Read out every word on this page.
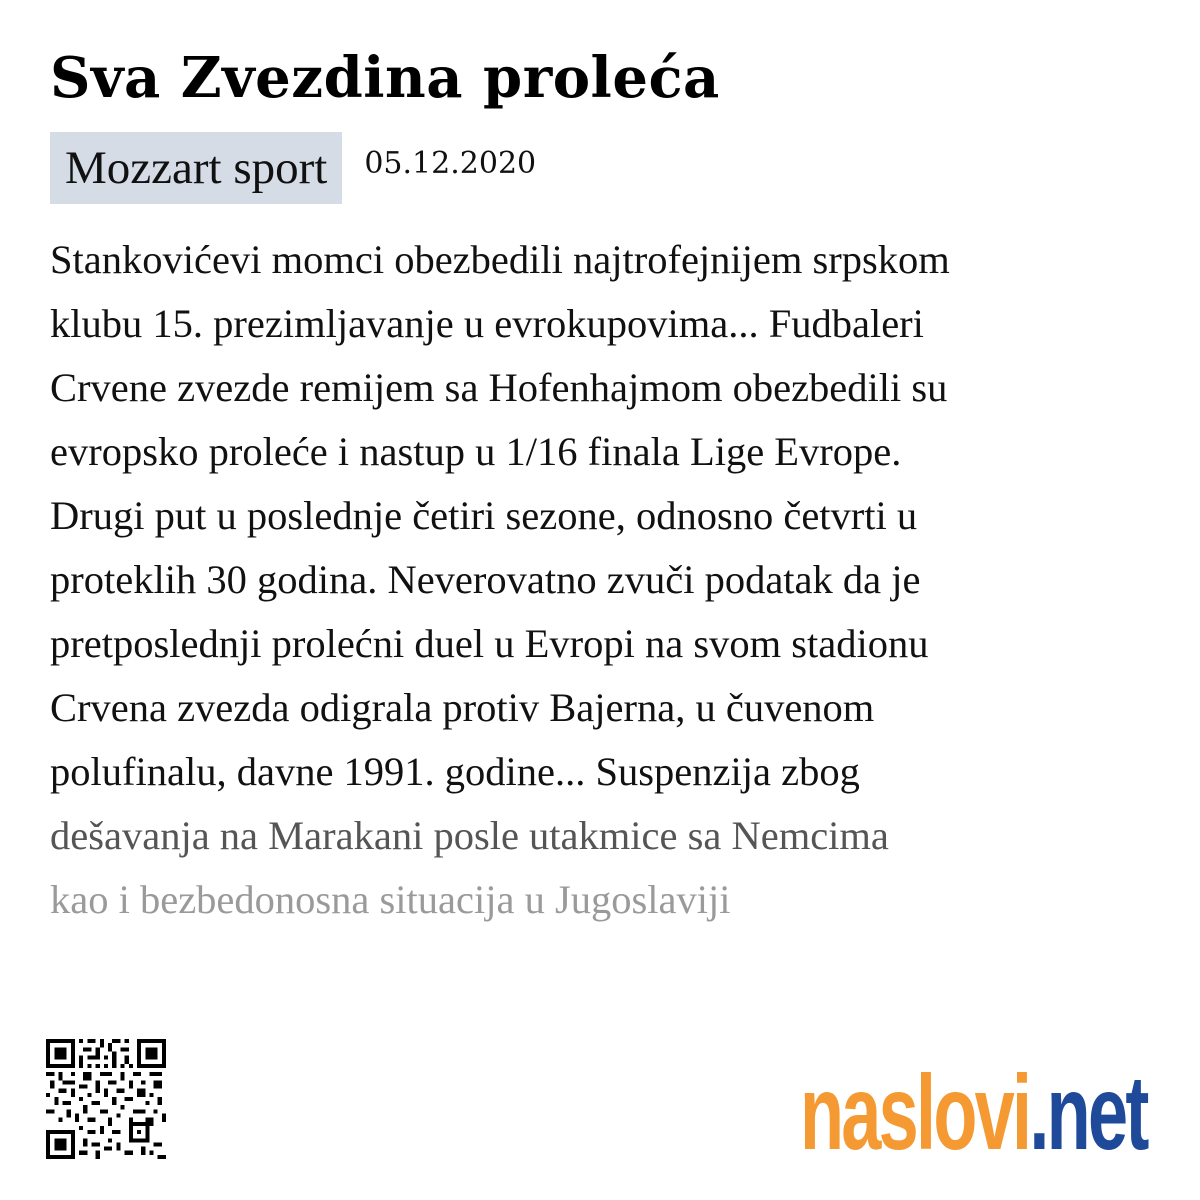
Sva Zvezdina proleća
Mozzart sport	05.12.2020
Stankovićevi momci obezbedili najtrofejnijem srpskom
klubu 15. prezimljavanje u evrokupovima... Fudbaleri
Crvene zvezde remijem sa Hofenhajmom obezbedili su
evropsko proleće i nastup u 1/16 finala Lige Evrope.
Drugi put u poslednje četiri sezone, odnosno četvrti u
proteklih 30 godina. Neverovatno zvuči podatak da je
pretposlednji prolećni duel u Evropi na svom stadionu
Crvena zvezda odigrala protiv Bajerna, u čuvenom
polufinalu, davne 1991. godine... Suspenzija zbog
dešavanja na Marakani posle utakmice sa Nemcima
kao i bezbedonosna situacija u Jugoslaviji
naslovi.net
